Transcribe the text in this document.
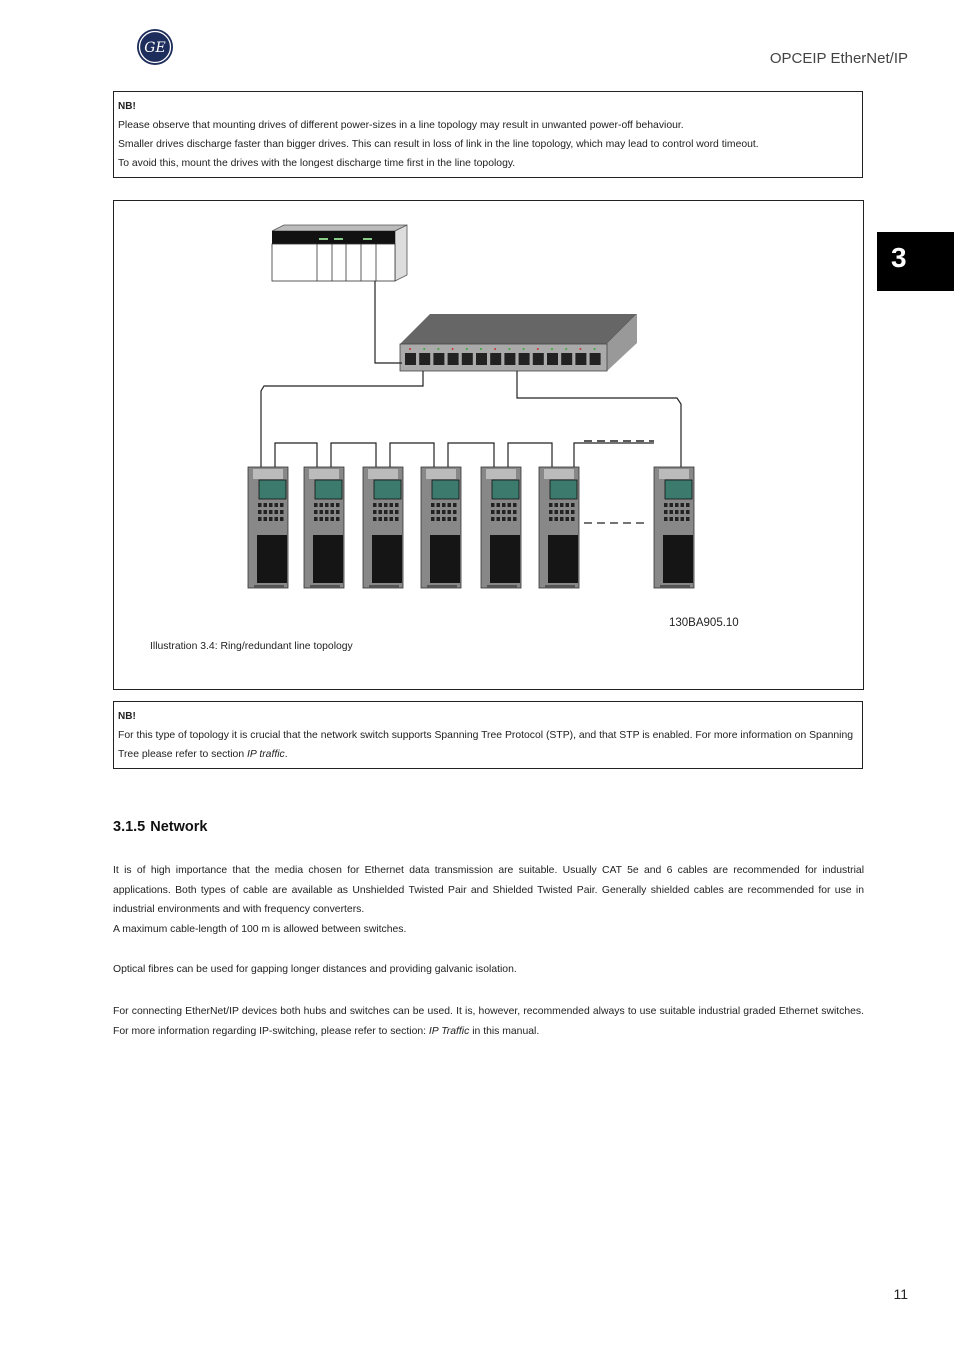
GE
OPCEIP EtherNet/IP
3

NB!

Please observe that mounting drives of different power-sizes in a line topology may result in unwanted power-off behaviour.

Smaller drives discharge faster than bigger drives. This can result in loss of link in the line topology, which may lead to control word timeout.

To avoid this, mount the drives with the longest discharge time first in the line topology.

130BA905.10
Illustration 3.4: Ring/redundant line topology

NB!

For this type of topology it is crucial that the network switch supports Spanning Tree Protocol (STP), and that STP is enabled. For more information on Spanning Tree please refer to section IP traffic.

3.1.5 Network
It is of high importance that the media chosen for Ethernet data transmission are suitable. Usually CAT 5e and 6 cables are recommended for industrial applications. Both types of cable are available as Unshielded Twisted Pair and Shielded Twisted Pair. Generally shielded cables are recommended for use in industrial environments and with frequency converters.
A maximum cable-length of 100 m is allowed between switches.

Optical fibres can be used for gapping longer distances and providing galvanic isolation.

For connecting EtherNet/IP devices both hubs and switches can be used. It is, however, recommended always to use suitable industrial graded Ethernet switches. For more information regarding IP-switching, please refer to section: IP Traffic in this manual.

11
